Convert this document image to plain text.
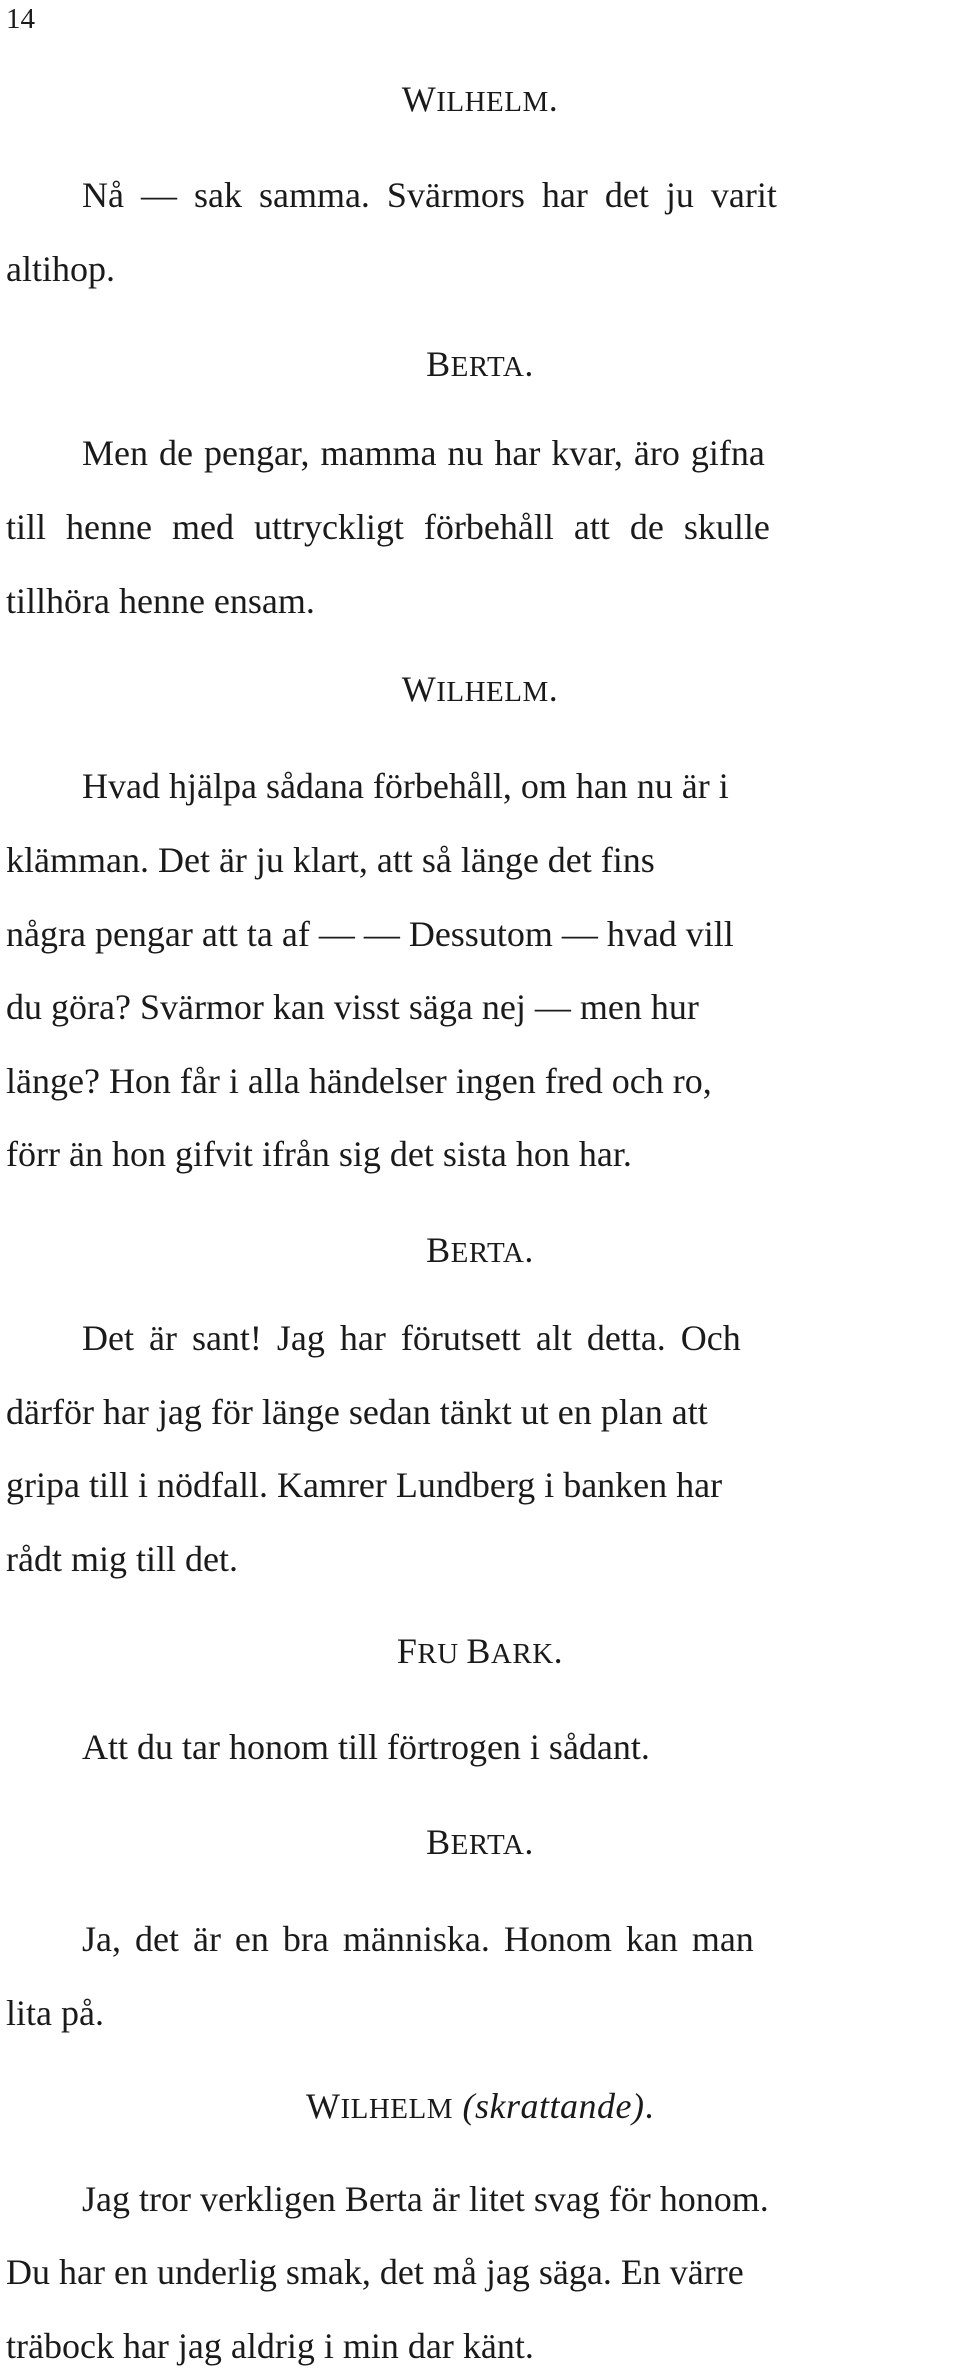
14
WILHELM.
Nå — sak samma. Svärmors har det ju varit
altihop.
BERTA.
Men de pengar, mamma nu har kvar, äro gifna
till henne med uttryckligt förbehåll att de skulle
tillhöra henne ensam.
WILHELM.
Hvad hjälpa sådana förbehåll, om han nu är i
klämman. Det är ju klart, att så länge det fins
några pengar att ta af — — Dessutom — hvad vill
du göra? Svärmor kan visst säga nej — men hur
länge? Hon får i alla händelser ingen fred och ro,
förr än hon gifvit ifrån sig det sista hon har.
BERTA.
Det är sant! Jag har förutsett alt detta. Och
därför har jag för länge sedan tänkt ut en plan att
gripa till i nödfall. Kamrer Lundberg i banken har
rådt mig till det.
FRU BARK.
Att du tar honom till förtrogen i sådant.
BERTA.
Ja, det är en bra människa. Honom kan man
lita på.
WILHELM (skrattande).
Jag tror verkligen Berta är litet svag för honom.
Du har en underlig smak, det må jag säga. En värre
träbock har jag aldrig i min dar känt.
